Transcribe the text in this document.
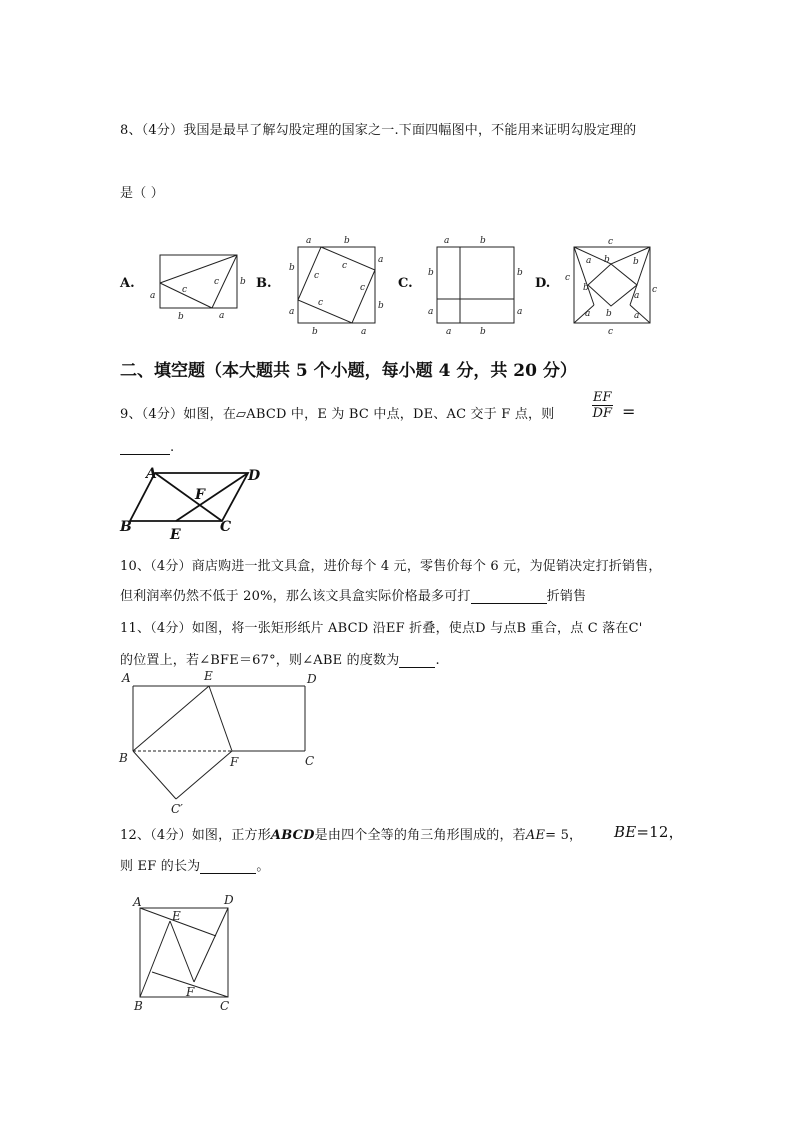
8、（4分）我国是最早了解勾股定理的国家之一.下面四幅图中，不能用来证明勾股定理的
是（ ）
A.	B.	C.	D.
a
b
c
c
a
b
a	b
b
a
a
b
b	a
c
c
c
c
a	b
b	b
a	a
a	b
c
c
c
c
a b	b
a
b
a b a
二、填空题（本大题共 5 个小题，每小题 4 分，共 20 分）
9、（4分）如图，在▱ABCD 中，E 为 BC 中点，DE、AC 交于 F 点，则	$\frac{EF}{DF}$ =
.
A	D
F
B	E	C
10、（4分）商店购进一批文具盒，进价每个 4 元，零售价每个 6 元，为促销决定打折销售，
但利润率仍然不低于 20%，那么该文具盒实际价格最多可打	折销售
11、（4分）如图，将一张矩形纸片 ABCD 沿EF 折叠，使点D 与点B 重合，点 C 落在C'
的位置上，若∠BFE＝67°，则∠ABE 的度数为	.
A	E	D
B	F	C
C′
12、（4分）如图，正方形ABCD是由四个全等的角三角形围成的，若AE= 5， BE=12，
则 EF 的长为	。
A	D
E
F
B	C
